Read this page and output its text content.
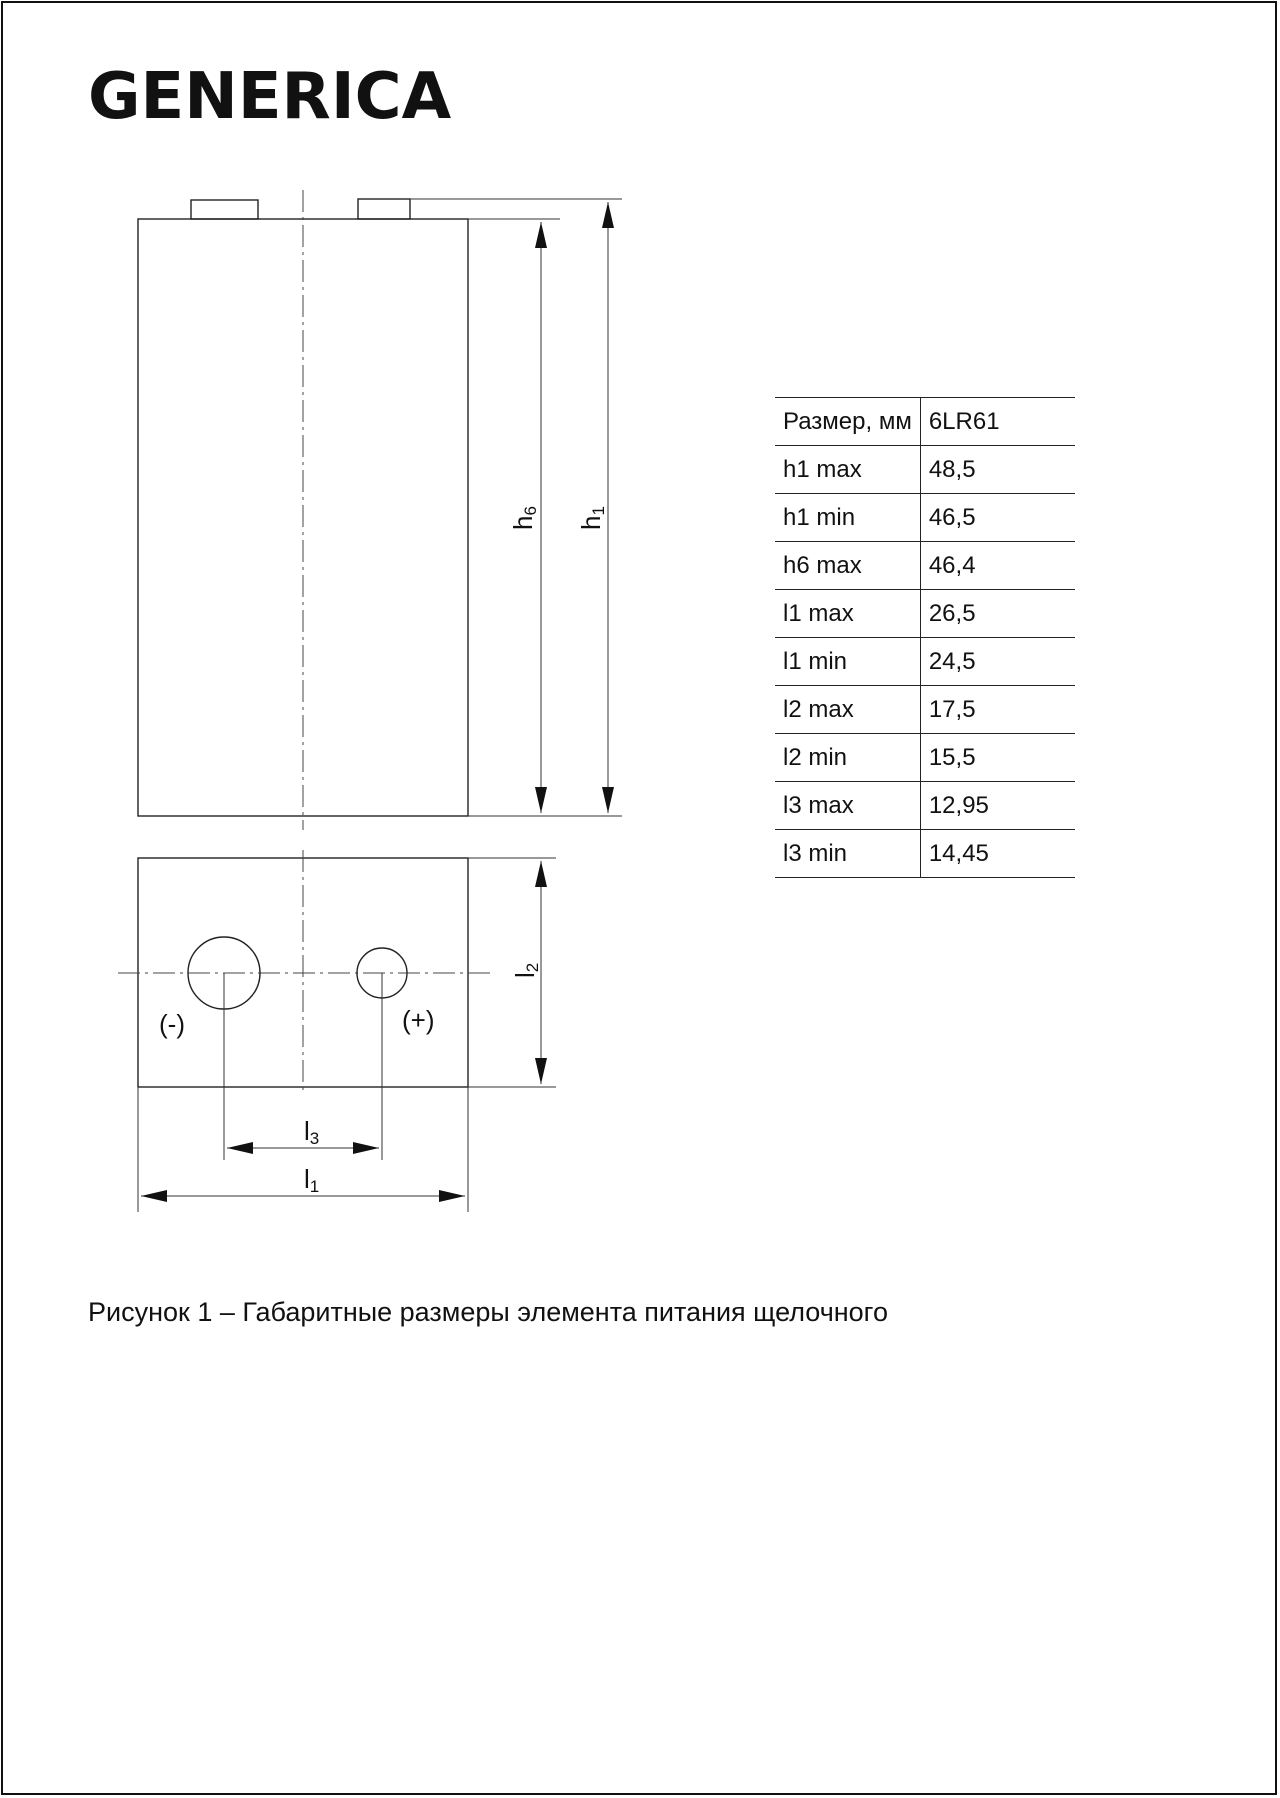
GENERICA
h6
h1
(-)	(+)
l2
l3
l1
Размер, мм	6LR61
h1 max	48,5
h1 min	46,5
h6 max	46,4
l1 max	26,5
l1 min	24,5
l2 max	17,5
l2 min	15,5
l3 max	12,95
l3 min	14,45
Рисунок 1 – Габаритные размеры элемента питания щелочного
